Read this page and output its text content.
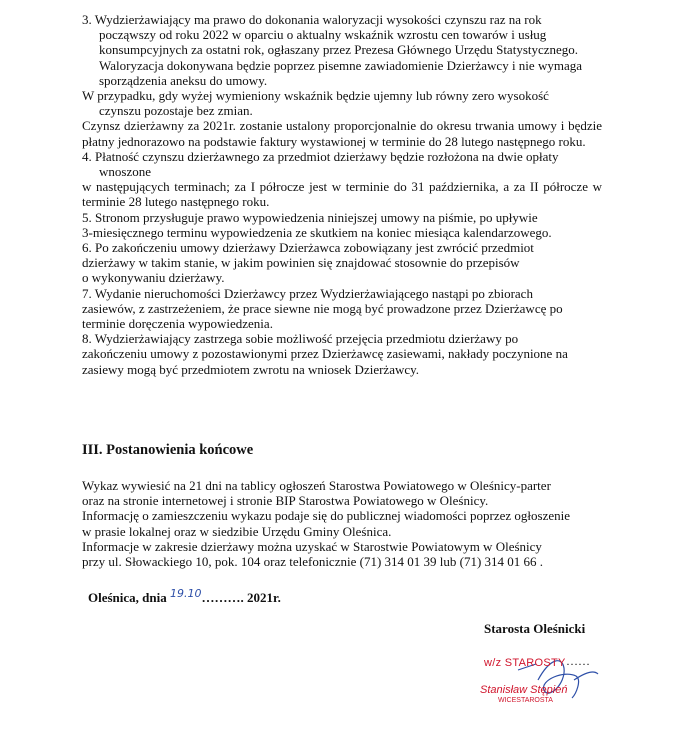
3. Wydzierżawiający ma prawo do dokonania waloryzacji wysokości czynszu raz na rok

począwszy od roku 2022 w oparciu o aktualny wskaźnik wzrostu cen towarów i usług

konsumpcyjnych za ostatni rok, ogłaszany przez Prezesa Głównego Urzędu Statystycznego.

Waloryzacja dokonywana będzie poprzez pisemne zawiadomienie Dzierżawcy i nie wymaga

sporządzenia aneksu do umowy.

W przypadku, gdy wyżej wymieniony wskaźnik będzie ujemny lub równy zero wysokość

czynszu pozostaje bez zmian.

Czynsz dzierżawny za 2021r. zostanie ustalony proporcjonalnie do okresu trwania umowy i będzie płatny jednorazowo na podstawie faktury wystawionej w terminie do 28 lutego następnego roku.

4. Płatność czynszu dzierżawnego za przedmiot dzierżawy będzie rozłożona na dwie opłaty

wnoszone

w następujących terminach; za I półrocze jest w terminie do 31 października, a za II półrocze w terminie 28 lutego następnego roku.

5. Stronom przysługuje prawo wypowiedzenia niniejszej umowy na piśmie, po upływie

3-miesięcznego terminu wypowiedzenia ze skutkiem na koniec miesiąca kalendarzowego.

6. Po zakończeniu umowy dzierżawy Dzierżawca zobowiązany jest zwrócić przedmiot

dzierżawy w takim stanie, w jakim powinien się znajdować stosownie do przepisów

o wykonywaniu dzierżawy.

7. Wydanie nieruchomości Dzierżawcy przez Wydzierżawiającego nastąpi po zbiorach

zasiewów, z zastrzeżeniem, że prace siewne nie mogą być prowadzone przez Dzierżawcę po

terminie doręczenia wypowiedzenia.

8. Wydzierżawiający zastrzega sobie możliwość przejęcia przedmiotu dzierżawy po

zakończeniu umowy z pozostawionymi przez Dzierżawcę zasiewami, nakłady poczynione na

zasiewy mogą być przedmiotem zwrotu na wniosek Dzierżawcy.

III. Postanowienia końcowe

Wykaz wywiesić na 21 dni na tablicy ogłoszeń Starostwa Powiatowego w Oleśnicy-parter

oraz na stronie internetowej i stronie BIP Starostwa Powiatowego w Oleśnicy.

Informację o zamieszczeniu wykazu podaje się do publicznej wiadomości poprzez ogłoszenie

w prasie lokalnej oraz w siedzibie Urzędu Gminy Oleśnica.

Informacje w zakresie dzierżawy można uzyskać w Starostwie Powiatowym w Oleśnicy

przy ul. Słowackiego 10, pok. 104 oraz telefonicznie (71) 314 01 39 lub (71) 314 01 66 .

Oleśnica, dnia $^{19.10}$………. 2021r.
Starosta Oleśnicki
w/z STAROSTY ……
Stanisław Stępień
WICESTAROSTA
